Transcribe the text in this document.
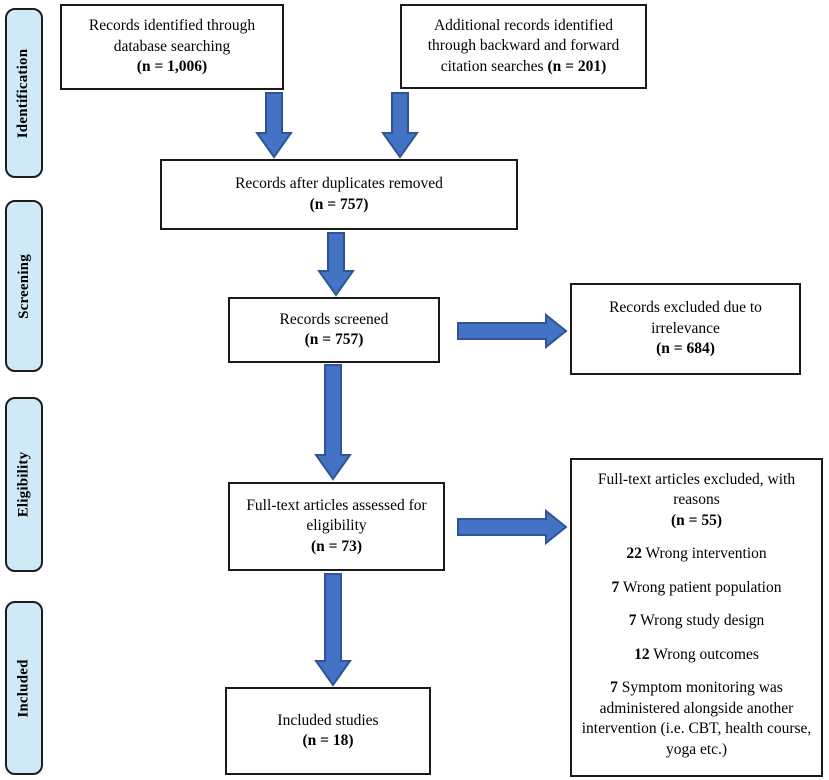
Identification
Screening
Eligibility
Included
Records identified through database searching
(n = 1,006)
Additional records identified through backward and forward citation searches (n = 201)
Records after duplicates removed
(n = 757)
Records screened
(n = 757)
Records excluded due to irrelevance
(n = 684)
Full-text articles assessed for eligibility
(n = 73)
Full-text articles excluded, with reasons
(n = 55)

22 Wrong intervention

7 Wrong patient population

7 Wrong study design

12 Wrong outcomes

7 Symptom monitoring was administered alongside another intervention (i.e. CBT, health course, yoga etc.)

Included studies
(n = 18)
